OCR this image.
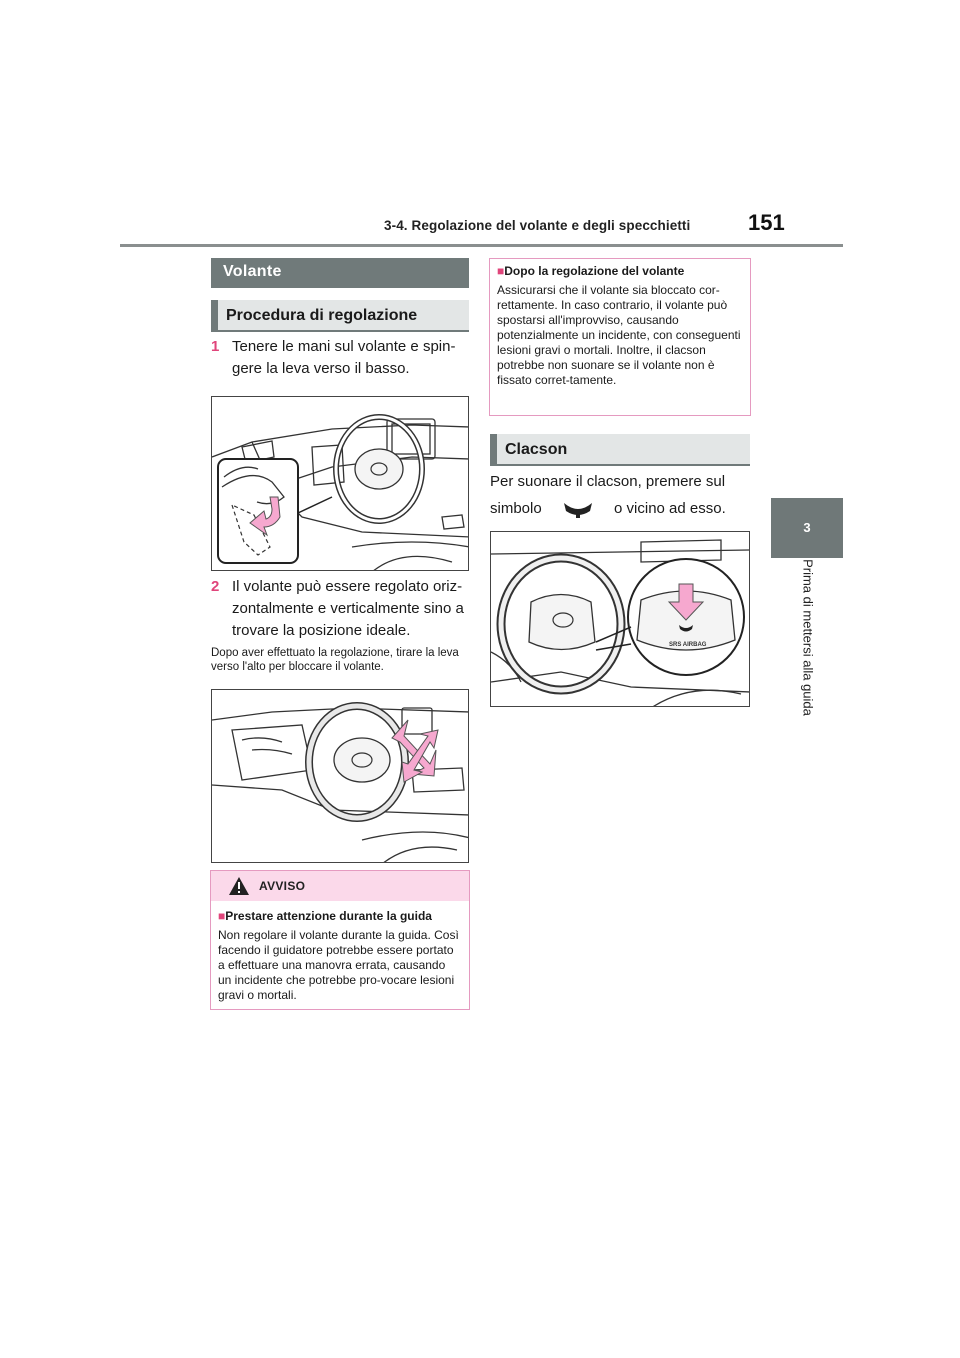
3-4. Regolazione del volante e degli specchietti	151
3
Prima di mettersi alla guida
Volante
Procedura di regolazione
1 Tenere le mani sul volante e spin-gere la leva verso il basso.
2 Il volante può essere regolato oriz-zontalmente e verticalmente sino a trovare la posizione ideale.
Dopo aver effettuato la regolazione, tirare la leva verso l'alto per bloccare il volante.
AVVISO
■Prestare attenzione durante la guida
Non regolare il volante durante la guida. Così facendo il guidatore potrebbe essere portato a effettuare una manovra errata, causando un incidente che potrebbe pro-vocare lesioni gravi o mortali.
■Dopo la regolazione del volante
Assicurarsi che il volante sia bloccato cor-rettamente. In caso contrario, il volante può spostarsi all'improvviso, causando potenzialmente un incidente, con conseguenti lesioni gravi o mortali. Inoltre, il clacson potrebbe non suonare se il volante non è fissato corret-tamente.
Clacson
Per suonare il clacson, premere sul
simbolo	o vicino ad esso.
SRS AIRBAG
